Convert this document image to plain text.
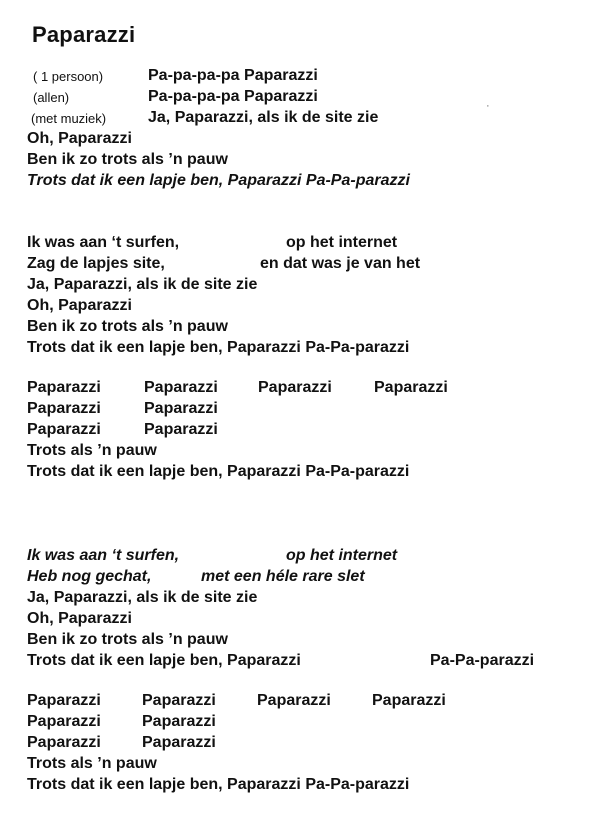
Paparazzi
·
( 1 persoon)	Pa-pa-pa-pa Paparazzi
(allen)	Pa-pa-pa-pa Paparazzi
(met muziek)	Ja, Paparazzi, als ik de site zie
Oh, Paparazzi
Ben ik zo trots als ’n pauw
Trots dat ik een lapje ben, Paparazzi Pa-Pa-parazzi
Ik was aan ‘t surfen,	op het internet
Zag de lapjes site,	en dat was je van het
Ja, Paparazzi, als ik de site zie
Oh, Paparazzi
Ben ik zo trots als ’n pauw
Trots dat ik een lapje ben, Paparazzi Pa-Pa-parazzi
Paparazzi	Paparazzi	Paparazzi	Paparazzi
Paparazzi	Paparazzi
Paparazzi	Paparazzi
Trots als ’n pauw
Trots dat ik een lapje ben, Paparazzi Pa-Pa-parazzi
Ik was aan ‘t surfen,	op het internet
Heb nog gechat,	met een héle rare slet
Ja, Paparazzi, als ik de site zie
Oh, Paparazzi
Ben ik zo trots als ’n pauw
Trots dat ik een lapje ben, Paparazzi	Pa-Pa-parazzi
Paparazzi	Paparazzi	Paparazzi	Paparazzi
Paparazzi	Paparazzi
Paparazzi	Paparazzi
Trots als ’n pauw
Trots dat ik een lapje ben, Paparazzi Pa-Pa-parazzi
